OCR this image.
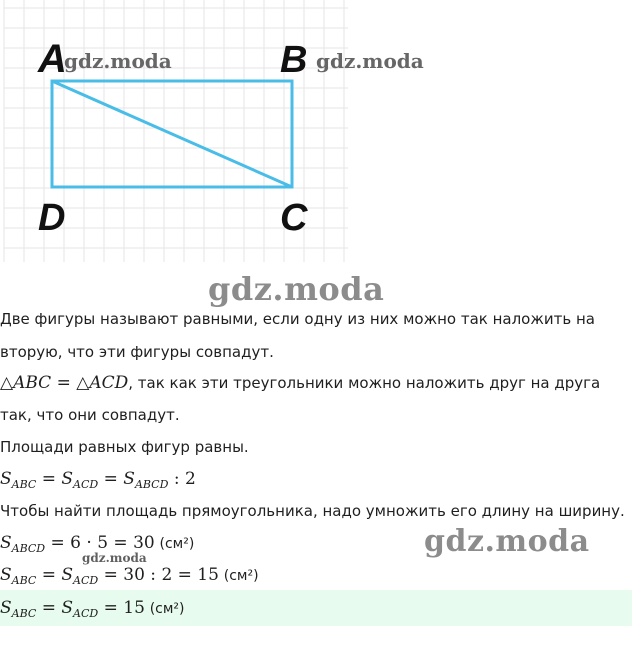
A	B
D	C
gdz.moda	gdz.moda
gdz.moda
Две фигуры называют равными, если одну из них можно так наложить на
вторую, что эти фигуры совпадут.
△ABC = △ACD, так как эти треугольники можно наложить друг на друга
так, что они совпадут.
Площади равных фигур равны.
$S_{ABC} = S_{ACD} = S_{ABCD}$ : 2
Чтобы найти площадь прямоугольника, надо умножить его длину на ширину.
$S_{ABCD} = 6 \cdot 5 = 30$ (см²)	gdz.moda
gdz.moda
$S_{ABC} = S_{ACD} = 30$ : 2 = 15 (см²)
$S_{ABC} = S_{ACD} = 15$ (см²)
